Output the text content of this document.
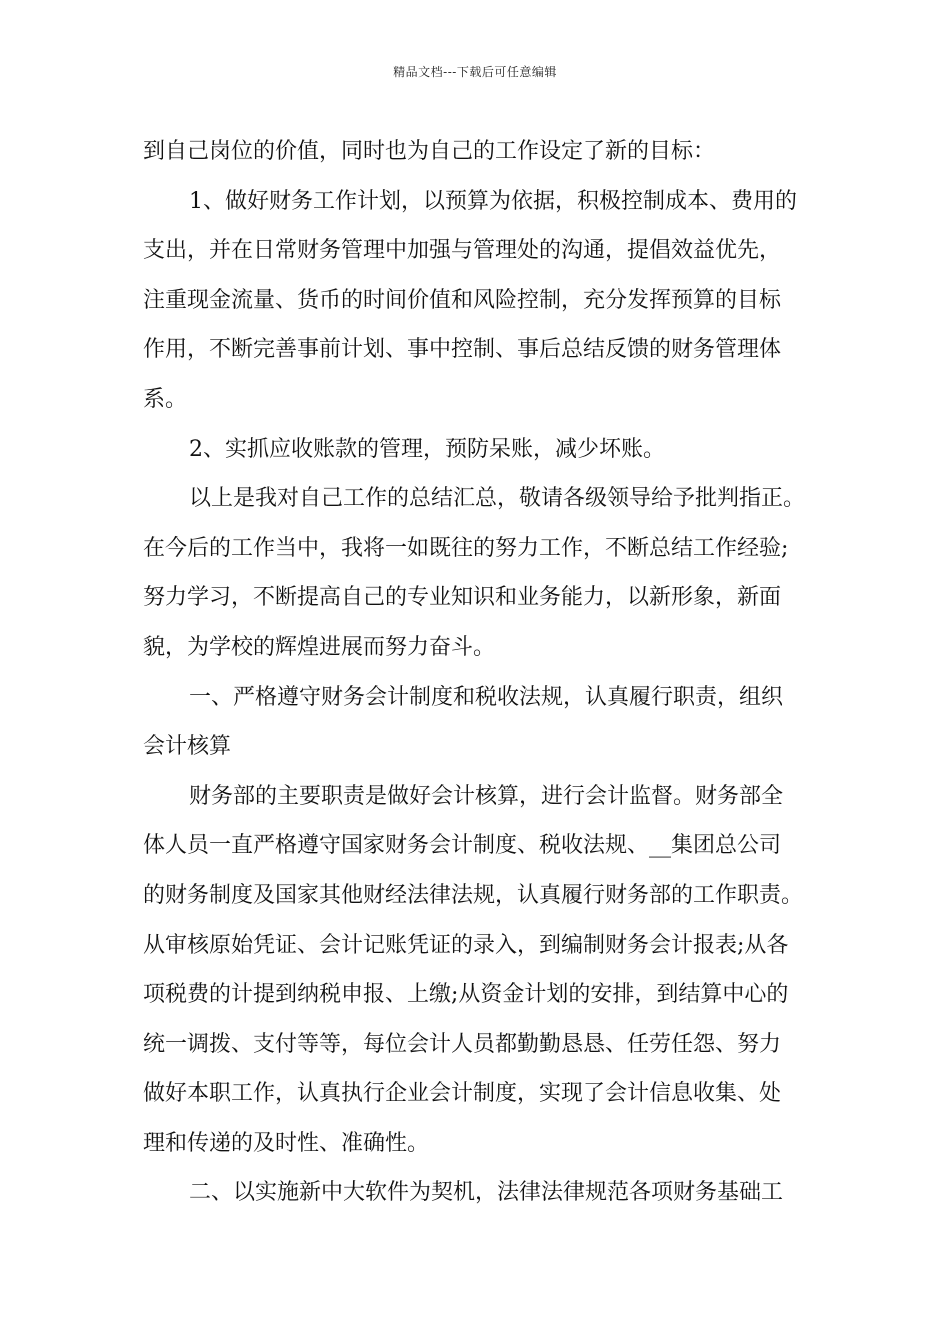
精品文档---下载后可任意编辑

到自己岗位的价值，同时也为自己的工作设定了新的目标：

1、做好财务工作计划，以预算为依据，积极控制成本、费用的

支出，并在日常财务管理中加强与管理处的沟通，提倡效益优先，

注重现金流量、货币的时间价值和风险控制，充分发挥预算的目标

作用，不断完善事前计划、事中控制、事后总结反馈的财务管理体

系。

2、实抓应收账款的管理，预防呆账，减少坏账。

以上是我对自己工作的总结汇总，敬请各级领导给予批判指正。

在今后的工作当中，我将一如既往的努力工作，不断总结工作经验;

努力学习，不断提高自己的专业知识和业务能力，以新形象，新面

貌，为学校的辉煌进展而努力奋斗。

一、严格遵守财务会计制度和税收法规，认真履行职责，组织

会计核算

财务部的主要职责是做好会计核算，进行会计监督。财务部全

体人员一直严格遵守国家财务会计制度、税收法规、__集团总公司

的财务制度及国家其他财经法律法规，认真履行财务部的工作职责。

从审核原始凭证、会计记账凭证的录入，到编制财务会计报表;从各

项税费的计提到纳税申报、上缴;从资金计划的安排，到结算中心的

统一调拨、支付等等，每位会计人员都勤勤恳恳、任劳任怨、努力

做好本职工作，认真执行企业会计制度，实现了会计信息收集、处

理和传递的及时性、准确性。

二、以实施新中大软件为契机，法律法律规范各项财务基础工
